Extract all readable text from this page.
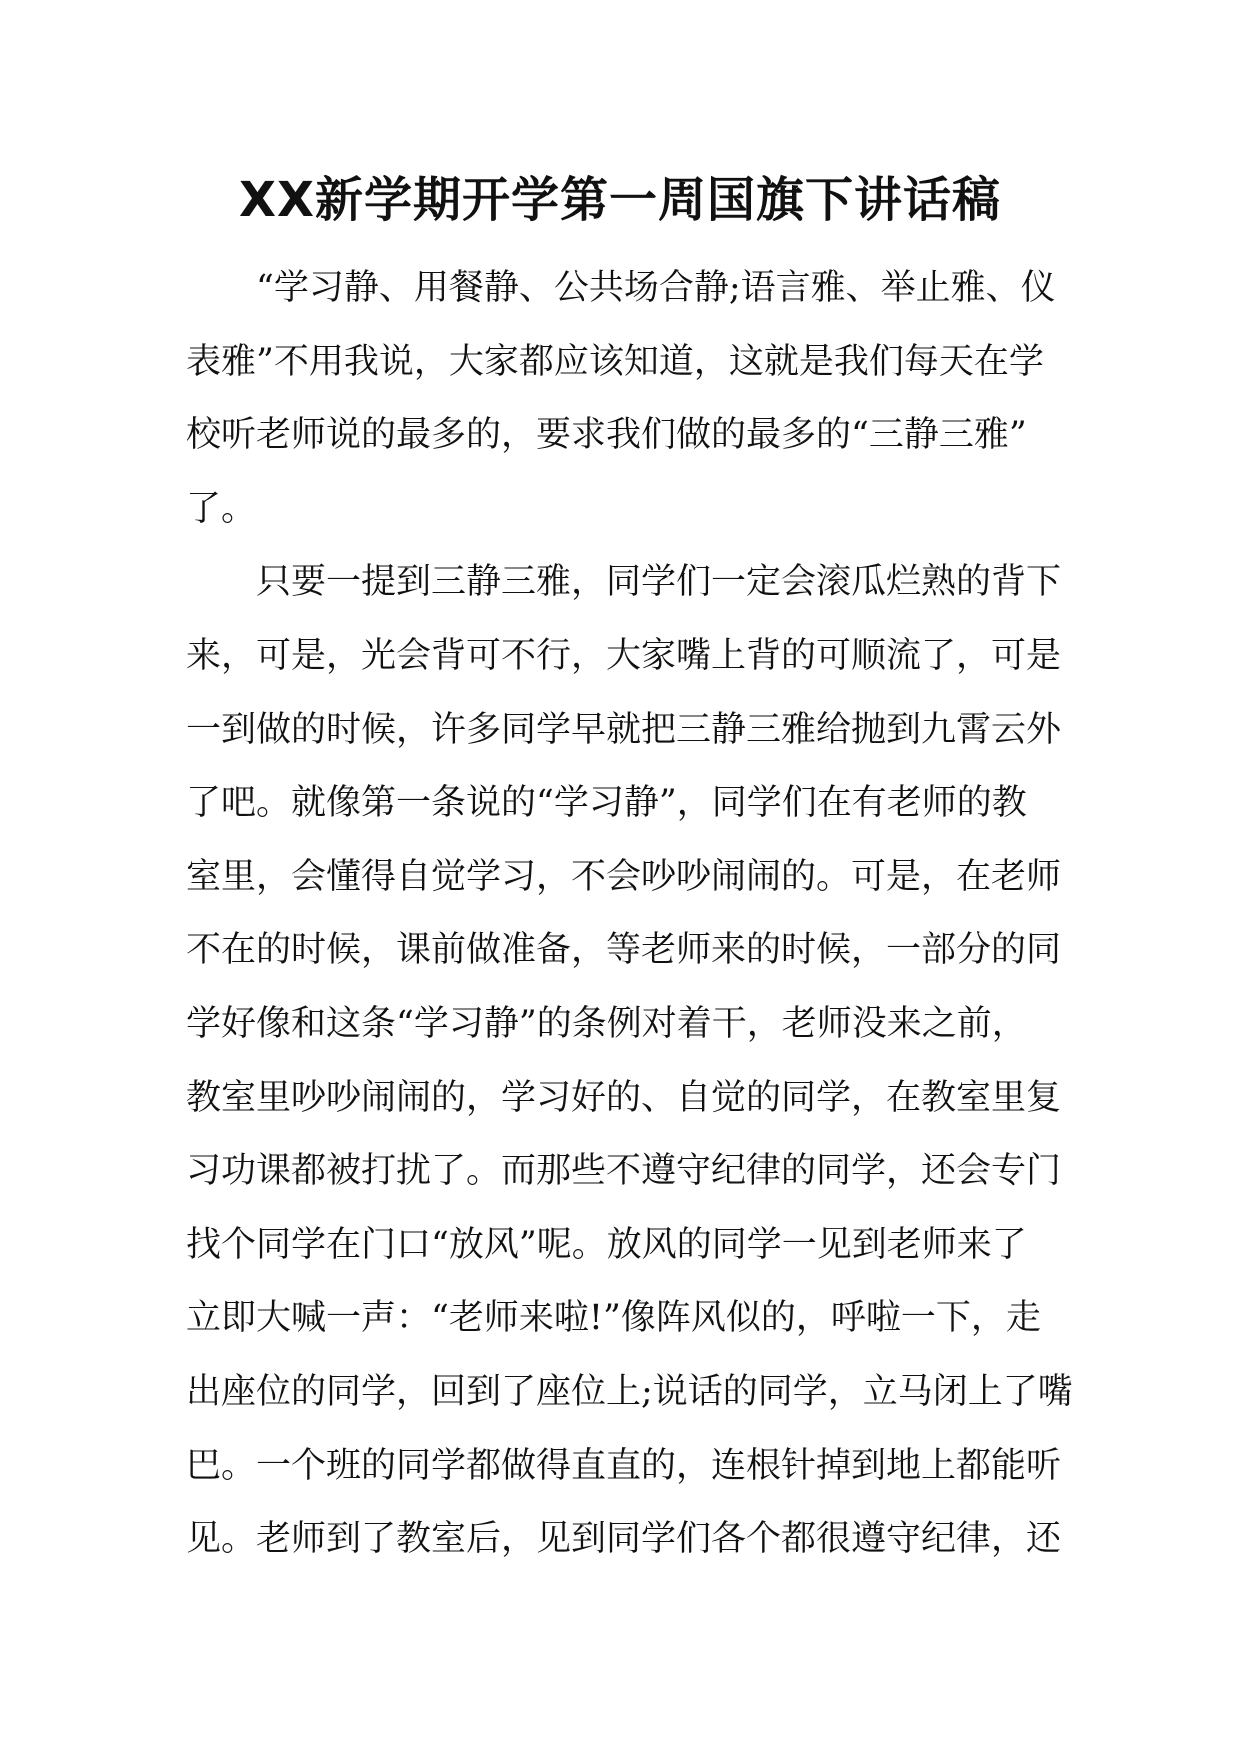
XX新学期开学第一周国旗下讲话稿

“学习静、用餐静、公共场合静;语言雅、举止雅、仪
表雅”不用我说，大家都应该知道，这就是我们每天在学
校听老师说的最多的，要求我们做的最多的“三静三雅”
了。

只要一提到三静三雅，同学们一定会滚瓜烂熟的背下
来，可是，光会背可不行，大家嘴上背的可顺流了，可是
一到做的时候，许多同学早就把三静三雅给抛到九霄云外
了吧。就像第一条说的“学习静”，同学们在有老师的教
室里，会懂得自觉学习，不会吵吵闹闹的。可是，在老师
不在的时候，课前做准备，等老师来的时候，一部分的同
学好像和这条“学习静”的条例对着干，老师没来之前，
教室里吵吵闹闹的，学习好的、自觉的同学，在教室里复
习功课都被打扰了。而那些不遵守纪律的同学，还会专门
找个同学在门口“放风”呢。放风的同学一见到老师来了
立即大喊一声：“老师来啦!”像阵风似的，呼啦一下，走
出座位的同学，回到了座位上;说话的同学，立马闭上了嘴
巴。一个班的同学都做得直直的，连根针掉到地上都能听
见。老师到了教室后，见到同学们各个都很遵守纪律，还
